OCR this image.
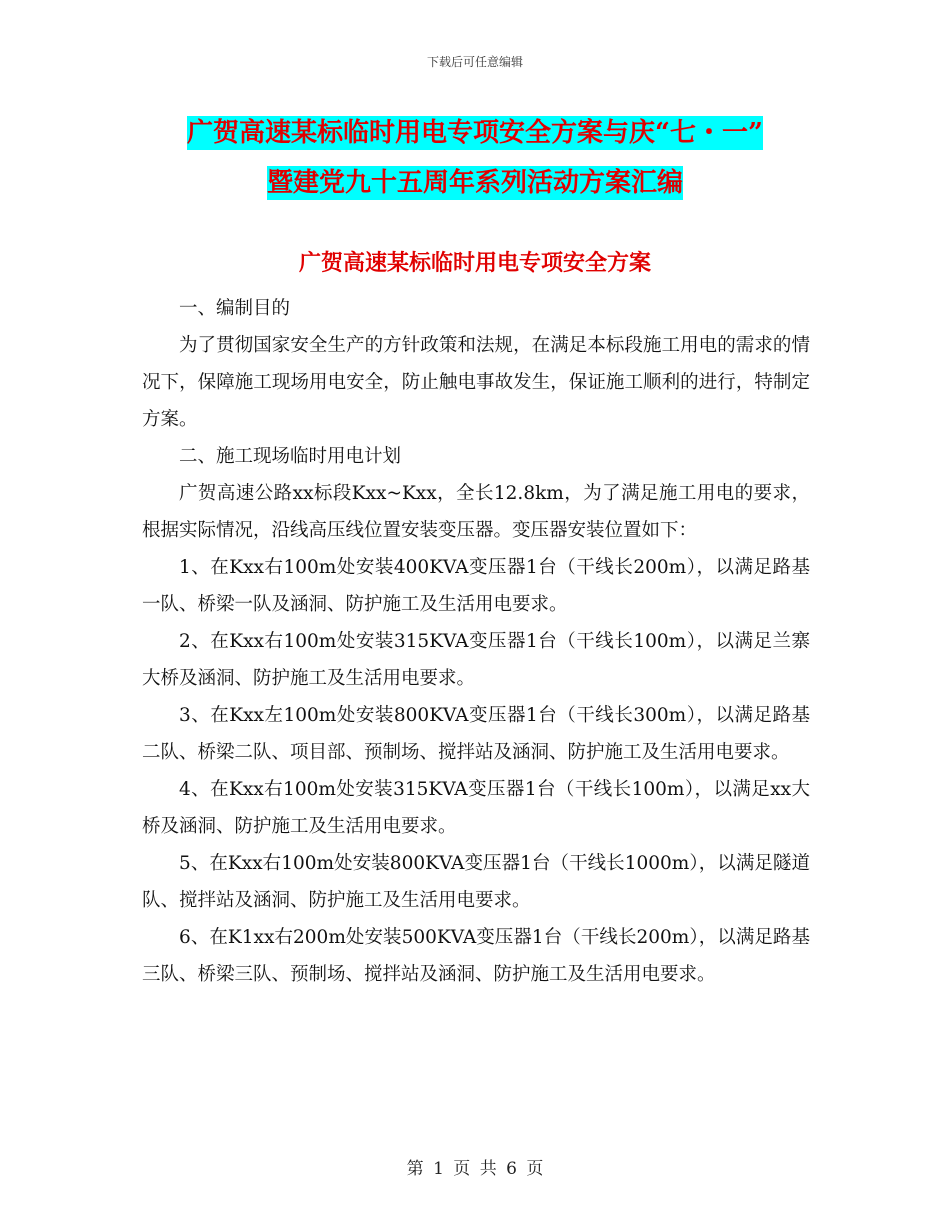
下载后可任意编辑
广贺高速某标临时用电专项安全方案与庆“七・一”
暨建党九十五周年系列活动方案汇编
广贺高速某标临时用电专项安全方案

一、编制目的

为了贯彻国家安全生产的方针政策和法规，在满足本标段施工用电的需求的情况下，保障施工现场用电安全，防止触电事故发生，保证施工顺利的进行，特制定方案。

二、施工现场临时用电计划

广贺高速公路xx标段Kxx~Kxx，全长12.8km，为了满足施工用电的要求，根据实际情况，沿线高压线位置安装变压器。变压器安装位置如下：

1、在Kxx右100m处安装400KVA变压器1台（干线长200m），以满足路基一队、桥梁一队及涵洞、防护施工及生活用电要求。

2、在Kxx右100m处安装315KVA变压器1台（干线长100m），以满足兰寨大桥及涵洞、防护施工及生活用电要求。

3、在Kxx左100m处安装800KVA变压器1台（干线长300m），以满足路基二队、桥梁二队、项目部、预制场、搅拌站及涵洞、防护施工及生活用电要求。

4、在Kxx右100m处安装315KVA变压器1台（干线长100m），以满足xx大桥及涵洞、防护施工及生活用电要求。

5、在Kxx右100m处安装800KVA变压器1台（干线长1000m），以满足隧道队、搅拌站及涵洞、防护施工及生活用电要求。

6、在K1xx右200m处安装500KVA变压器1台（干线长200m），以满足路基三队、桥梁三队、预制场、搅拌站及涵洞、防护施工及生活用电要求。

第 1 页 共 6 页
